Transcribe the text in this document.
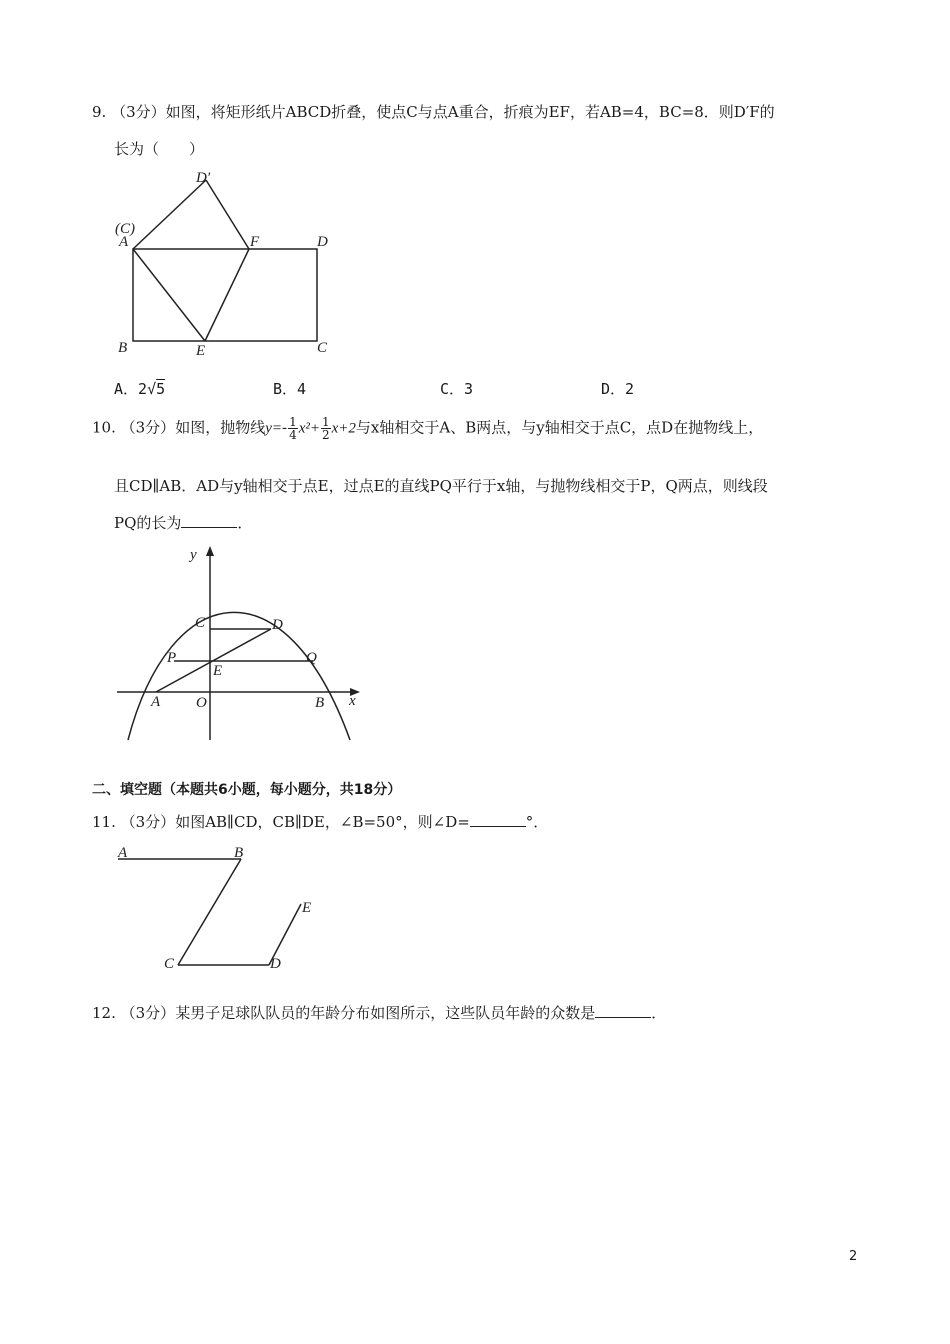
9. （3分）如图，将矩形纸片ABCD折叠，使点C与点A重合，折痕为EF，若AB=4，BC=8．则D′F的
长为（　　）
D′
(C)
A	F	D
B	E	C
A．2√5	B．4	C．3	D．2
10. （3分）如图，抛物线$y=- \frac{1}{4} x^2+ \frac{1}{2} x+2$与x轴相交于A、B两点，与y轴相交于点C，点D在抛物线上，
且CD∥AB．AD与y轴相交于点E，过点E的直线PQ平行于x轴，与抛物线相交于P，Q两点，则线段
PQ的长为	．
y
x
C	D
P	Q
E
A O	B
二、填空题（本题共6小题，每小题分，共18分）
11. （3分）如图AB∥CD，CB∥DE，∠B=50°，则∠D=	°．
A	B
C	D
E
12. （3分）某男子足球队队员的年龄分布如图所示，这些队员年龄的众数是	．
2
